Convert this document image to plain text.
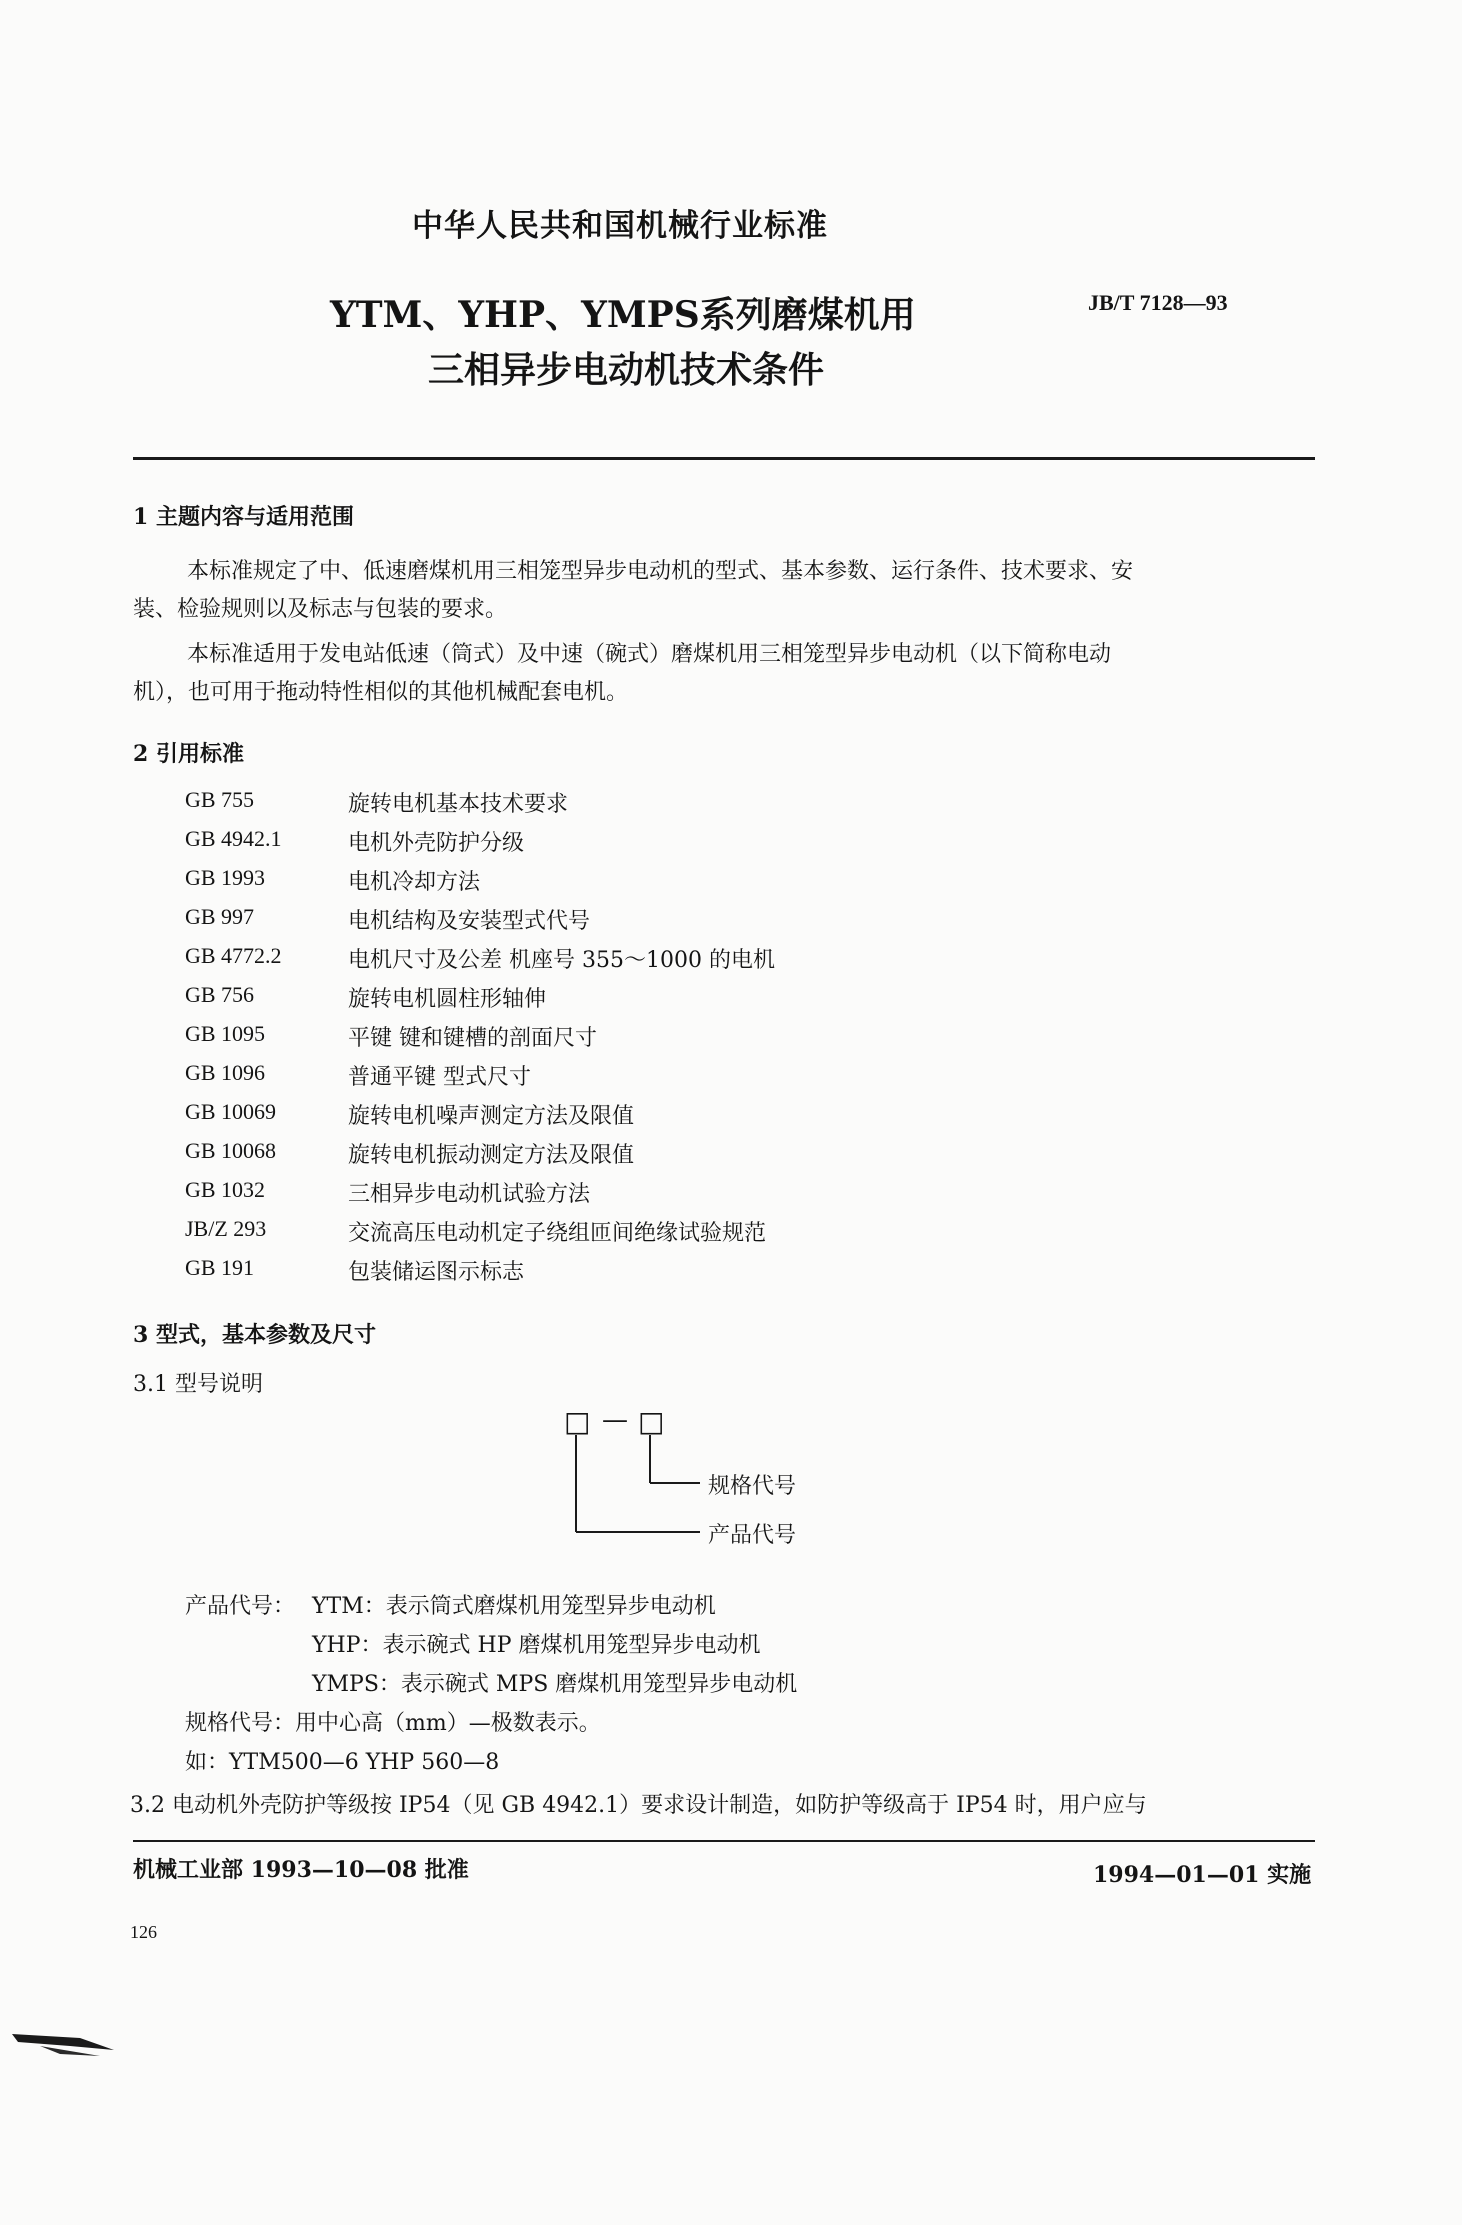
中华人民共和国机械行业标准
YTM、YHP、YMPS系列磨煤机用
三相异步电动机技术条件
JB/T 7128—93
1 主题内容与适用范围
本标准规定了中、低速磨煤机用三相笼型异步电动机的型式、基本参数、运行条件、技术要求、安
装、检验规则以及标志与包装的要求。
本标准适用于发电站低速（筒式）及中速（碗式）磨煤机用三相笼型异步电动机（以下简称电动
机），也可用于拖动特性相似的其他机械配套电机。
2 引用标准
GB 755	旋转电机基本技术要求
GB 4942.1	电机外壳防护分级
GB 1993	电机冷却方法
GB 997	电机结构及安装型式代号
GB 4772.2	电机尺寸及公差 机座号 355～1000 的电机
GB 756	旋转电机圆柱形轴伸
GB 1095	平键 键和键槽的剖面尺寸
GB 1096	普通平键 型式尺寸
GB 10069	旋转电机噪声测定方法及限值
GB 10068	旋转电机振动测定方法及限值
GB 1032	三相异步电动机试验方法
JB/Z 293	交流高压电动机定子绕组匝间绝缘试验规范
GB 191	包装储运图示标志
3 型式，基本参数及尺寸
3.1 型号说明
□ — □
规格代号
产品代号
产品代号： YTM：表示筒式磨煤机用笼型异步电动机
YHP：表示碗式 HP 磨煤机用笼型异步电动机
YMPS：表示碗式 MPS 磨煤机用笼型异步电动机
规格代号：用中心高（mm）—极数表示。
如：YTM500—6 YHP 560—8
3.2 电动机外壳防护等级按 IP54（见 GB 4942.1）要求设计制造，如防护等级高于 IP54 时，用户应与
机械工业部 1993—10—08 批准	1994—01—01 实施
126
